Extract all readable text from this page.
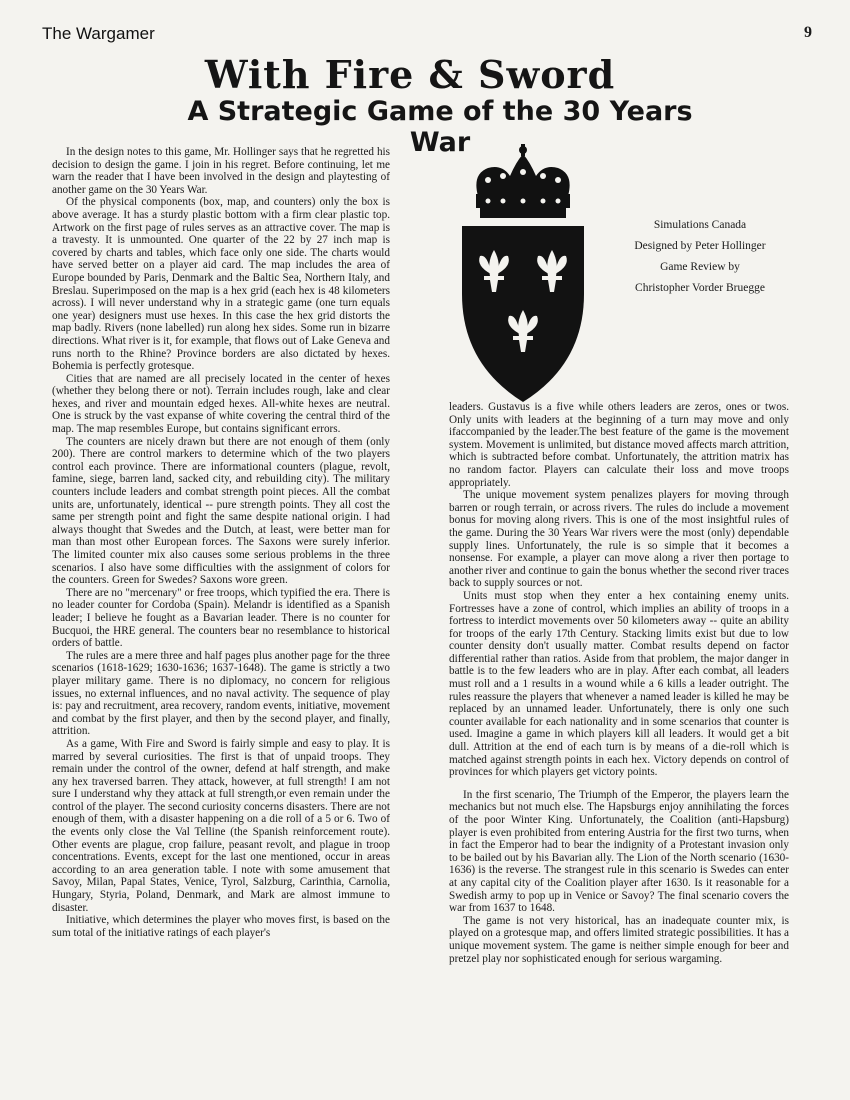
The Wargamer	9
With Fire & Sword
A Strategic Game of the 30 Years War

In the design notes to this game, Mr. Hollinger says that he regretted his decision to design the game. I join in his regret. Before continuing, let me warn the reader that I have been involved in the design and playtesting of another game on the 30 Years War.

Of the physical components (box, map, and counters) only the box is above average. It has a sturdy plastic bottom with a firm clear plastic top. Artwork on the first page of rules serves as an attractive cover. The map is a travesty. It is unmounted. One quarter of the 22 by 27 inch map is covered by charts and tables, which face only one side. The charts would have served better on a player aid card. The map includes the area of Europe bounded by Paris, Denmark and the Baltic Sea, Northern Italy, and Breslau. Superimposed on the map is a hex grid (each hex is 48 kilometers across). I will never understand why in a strategic game (one turn equals one year) designers must use hexes. In this case the hex grid distorts the map badly. Rivers (none labelled) run along hex sides. Some run in bizarre directions. What river is it, for example, that flows out of Lake Geneva and runs north to the Rhine? Province borders are also dictated by hexes. Bohemia is perfectly grotesque.

Cities that are named are all precisely located in the center of hexes (whether they belong there or not). Terrain includes rough, lake and clear hexes, and river and mountain edged hexes. All-white hexes are neutral. One is struck by the vast expanse of white covering the central third of the map. The map resembles Europe, but contains significant errors.

The counters are nicely drawn but there are not enough of them (only 200). There are control markers to determine which of the two players control each province. There are informational counters (plague, revolt, famine, siege, barren land, sacked city, and rebuilding city). The military counters include leaders and combat strength point pieces. All the combat units are, unfortunately, identical -- pure strength points. They all cost the same per strength point and fight the same despite national origin. I had always thought that Swedes and the Dutch, at least, were better man for man than most other European forces. The Saxons were surely inferior. The limited counter mix also causes some serious problems in the three scenarios. I also have some difficulties with the assignment of colors for the counters. Green for Swedes? Saxons wore green.

There are no "mercenary" or free troops, which typified the era. There is no leader counter for Cordoba (Spain). Melandr is identified as a Spanish leader; I believe he fought as a Bavarian leader. There is no counter for Bucquoi, the HRE general. The counters bear no resemblance to historical orders of battle.

The rules are a mere three and half pages plus another page for the three scenarios (1618-1629; 1630-1636; 1637-1648). The game is strictly a two player military game. There is no diplomacy, no concern for religious issues, no external influences, and no naval activity. The sequence of play is: pay and recruitment, area recovery, random events, initiative, movement and combat by the first player, and then by the second player, and finally, attrition.

As a game, With Fire and Sword is fairly simple and easy to play. It is marred by several curiosities. The first is that of unpaid troops. They remain under the control of the owner, defend at half strength, and make any hex traversed barren. They attack, however, at full strength! I am not sure I understand why they attack at full strength,or even remain under the control of the player. The second curiosity concerns disasters. There are not enough of them, with a disaster happening on a die roll of a 5 or 6. Two of the events only close the Val Telline (the Spanish reinforcement route). Other events are plague, crop failure, peasant revolt, and plague in troop concentrations. Events, except for the last one mentioned, occur in areas according to an area generation table. I note with some amusement that Savoy, Milan, Papal States, Venice, Tyrol, Salzburg, Carinthia, Carnolia, Hungary, Styria, Poland, Denmark, and Mark are almost immune to disaster.

Initiative, which determines the player who moves first, is based on the sum total of the initiative ratings of each player's

Simulations Canada
Designed by Peter Hollinger
Game Review by
Christopher Vorder Bruegge

leaders. Gustavus is a five while others leaders are zeros, ones or twos. Only units with leaders at the beginning of a turn may move and only ifaccompanied by the leader.The best feature of the game is the movement system. Movement is unlimited, but distance moved affects march attrition, which is subtracted before combat. Unfortunately, the attrition matrix has no random factor. Players can calculate their loss and move troops appropriately.

The unique movement system penalizes players for moving through barren or rough terrain, or across rivers. The rules do include a movement bonus for moving along rivers. This is one of the most insightful rules of the game. During the 30 Years War rivers were the most (only) dependable supply lines. Unfortunately, the rule is so simple that it becomes a nonsense. For example, a player can move along a river then portage to another river and continue to gain the bonus whether the second river traces back to supply sources or not.

Units must stop when they enter a hex containing enemy units. Fortresses have a zone of control, which implies an ability of troops in a fortress to interdict movements over 50 kilometers away -- quite an ability for troops of the early 17th Century. Stacking limits exist but due to low counter density don't usually matter. Combat results depend on factor differential rather than ratios. Aside from that problem, the major danger in battle is to the few leaders who are in play. After each combat, all leaders must roll and a 1 results in a wound while a 6 kills a leader outright. The rules reassure the players that whenever a named leader is killed he may be replaced by an unnamed leader. Unfortunately, there is only one such counter available for each nationality and in some scenarios that counter is used. Imagine a game in which players kill all leaders. It would get a bit dull. Attrition at the end of each turn is by means of a die-roll which is matched against strength points in each hex. Victory depends on control of provinces for which players get victory points.

In the first scenario, The Triumph of the Emperor, the players learn the mechanics but not much else. The Hapsburgs enjoy annihilating the forces of the poor Winter King. Unfortunately, the Coalition (anti-Hapsburg) player is even prohibited from entering Austria for the first two turns, when in fact the Emperor had to bear the indignity of a Protestant invasion only to be bailed out by his Bavarian ally. The Lion of the North scenario (1630-1636) is the reverse. The strangest rule in this scenario is Swedes can enter at any capital city of the Coalition player after 1630. Is it reasonable for a Swedish army to pop up in Venice or Savoy? The final scenario covers the war from 1637 to 1648.

The game is not very historical, has an inadequate counter mix, is played on a grotesque map, and offers limited strategic possibilities. It has a unique movement system. The game is neither simple enough for beer and pretzel play nor sophisticated enough for serious wargaming.
